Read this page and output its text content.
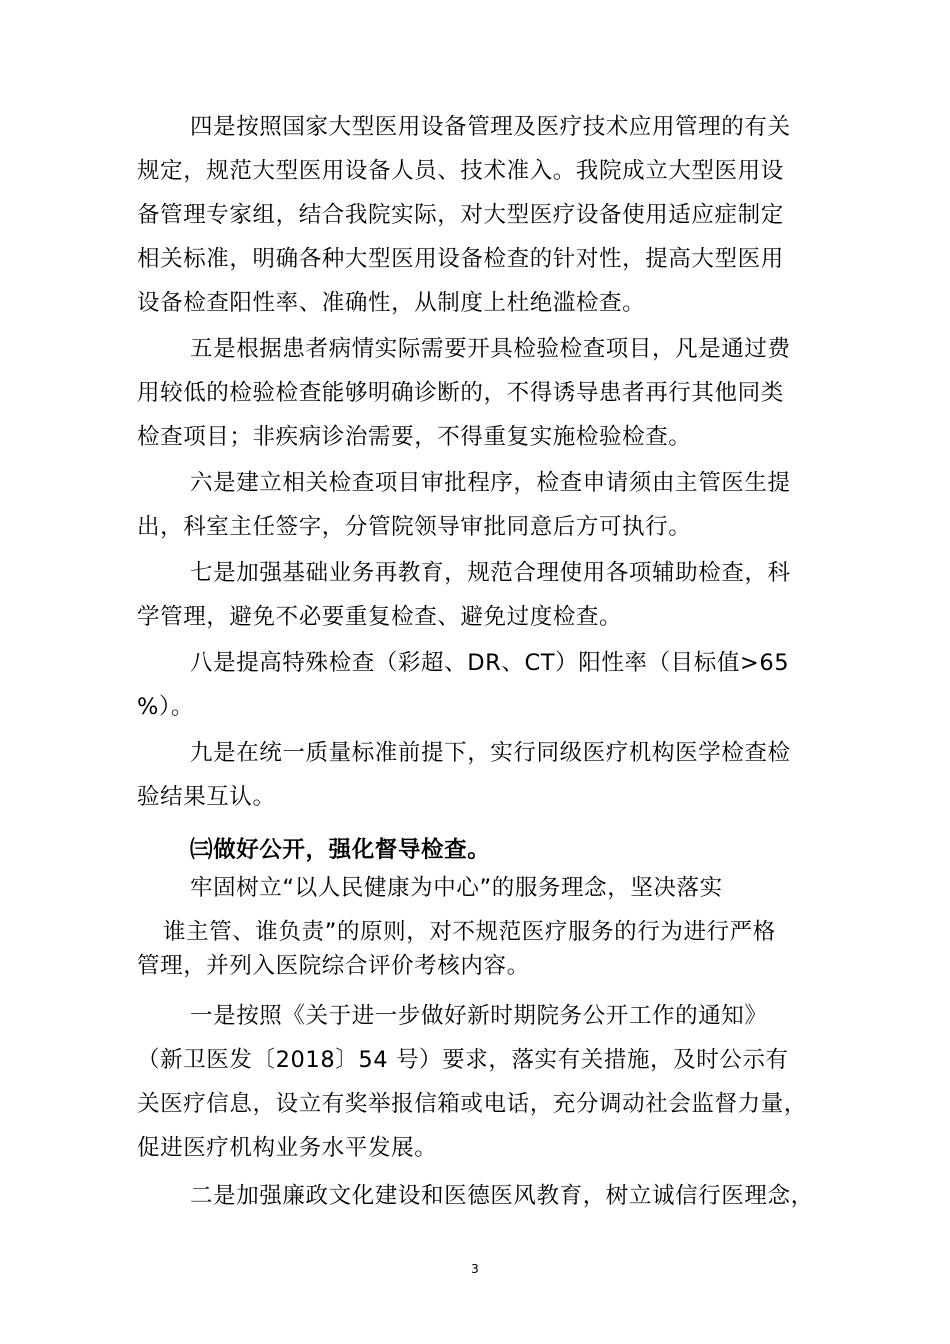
四是按照国家大型医用设备管理及医疗技术应用管理的有关
规定，规范大型医用设备人员、技术准入。我院成立大型医用设
备管理专家组，结合我院实际，对大型医疗设备使用适应症制定
相关标准，明确各种大型医用设备检查的针对性，提高大型医用
设备检查阳性率、准确性，从制度上杜绝滥检查。
五是根据患者病情实际需要开具检验检查项目，凡是通过费
用较低的检验检查能够明确诊断的，不得诱导患者再行其他同类
检查项目；非疾病诊治需要，不得重复实施检验检查。
六是建立相关检查项目审批程序，检查申请须由主管医生提
出，科室主任签字，分管院领导审批同意后方可执行。
七是加强基础业务再教育，规范合理使用各项辅助检查，科
学管理，避免不必要重复检查、避免过度检查。
八是提高特殊检查（彩超、DR、CT）阳性率（目标值>65
%）。
九是在统一质量标准前提下，实行同级医疗机构医学检查检
验结果互认。
㈢做好公开，强化督导检查。
牢固树立“以人民健康为中心”的服务理念，坚决落实
谁主管、谁负责”的原则，对不规范医疗服务的行为进行严格
管理，并列入医院综合评价考核内容。
一是按照《关于进一步做好新时期院务公开工作的通知》
（新卫医发〔2018〕54 号）要求，落实有关措施，及时公示有
关医疗信息，设立有奖举报信箱或电话，充分调动社会监督力量，
促进医疗机构业务水平发展。
二是加强廉政文化建设和医德医风教育，树立诚信行医理念，
3
